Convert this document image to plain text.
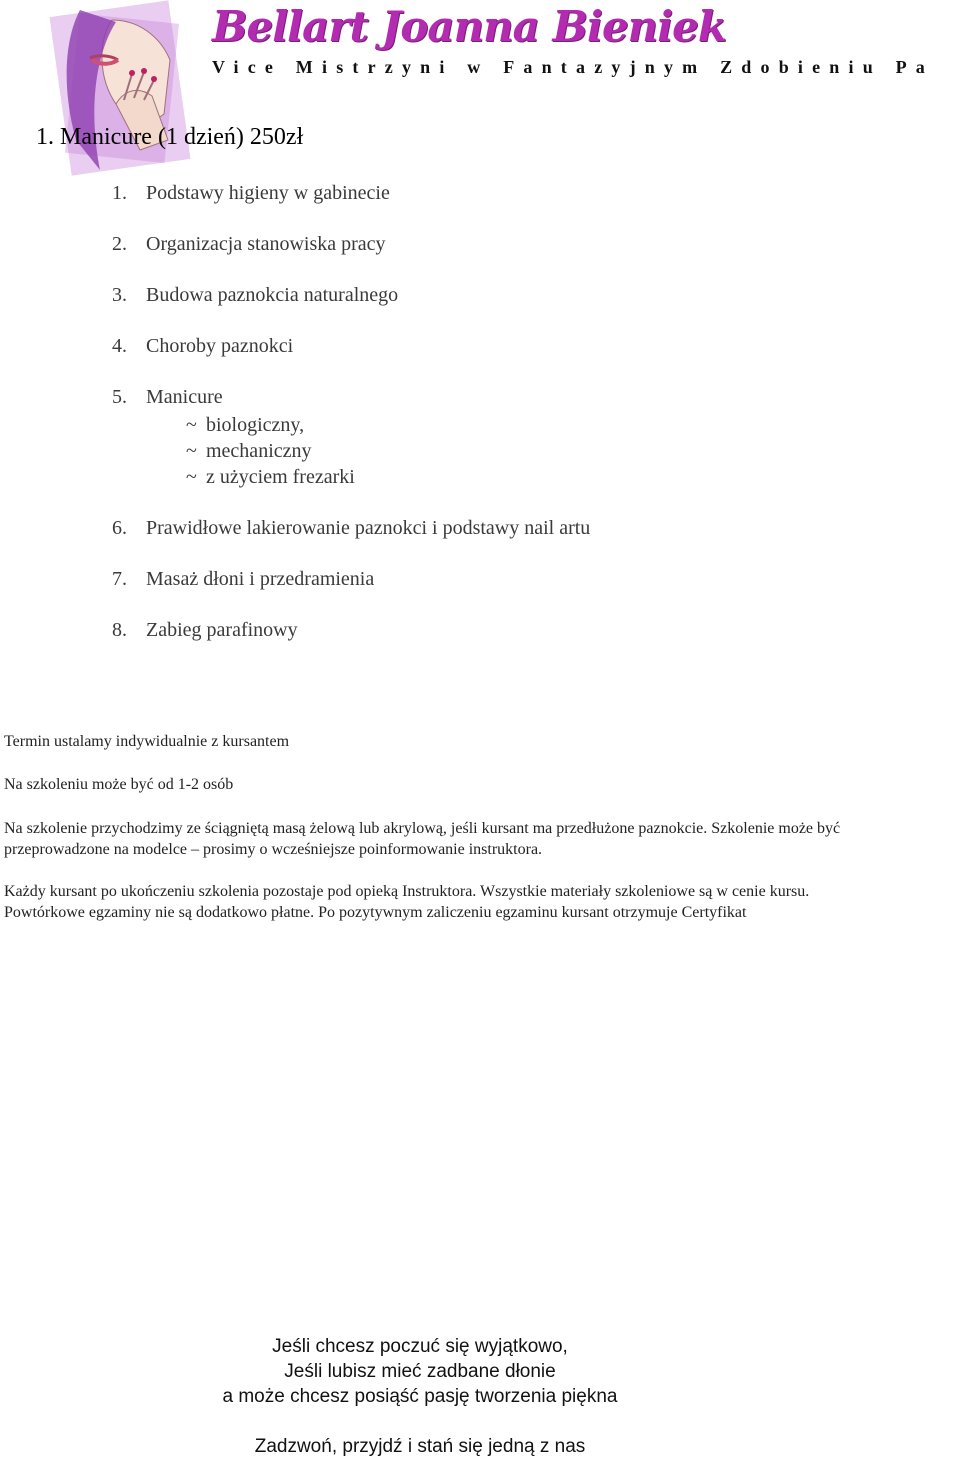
Bellart Joanna Bieniek
Vice Mistrzyni w Fantazyjnym Zdobieniu Pa
1. Manicure (1 dzień) 250zł
1. Podstawy higieny w gabinecie
2. Organizacja stanowiska pracy
3. Budowa paznokcia naturalnego
4. Choroby paznokci
5. Manicure
~ biologiczny,
~ mechaniczny
~ z użyciem frezarki
6. Prawidłowe lakierowanie paznokci i podstawy nail artu
7. Masaż dłoni i przedramienia
8. Zabieg parafinowy

Termin ustalamy indywidualnie z kursantem

Na szkoleniu może być od 1-2 osób

Na szkolenie przychodzimy ze ściągniętą masą żelową lub akrylową, jeśli kursant ma przedłużone paznokcie. Szkolenie może być przeprowadzone na modelce – prosimy o wcześniejsze poinformowanie instruktora.

Każdy kursant po ukończeniu szkolenia pozostaje pod opieką Instruktora. Wszystkie materiały szkoleniowe są w cenie kursu. Powtórkowe egzaminy nie są dodatkowo płatne. Po pozytywnym zaliczeniu egzaminu kursant otrzymuje Certyfikat

Jeśli chcesz poczuć się wyjątkowo,

Jeśli lubisz mieć zadbane dłonie

a może chcesz posiąść pasję tworzenia piękna

Zadzwoń, przyjdź i stań się jedną z nas
